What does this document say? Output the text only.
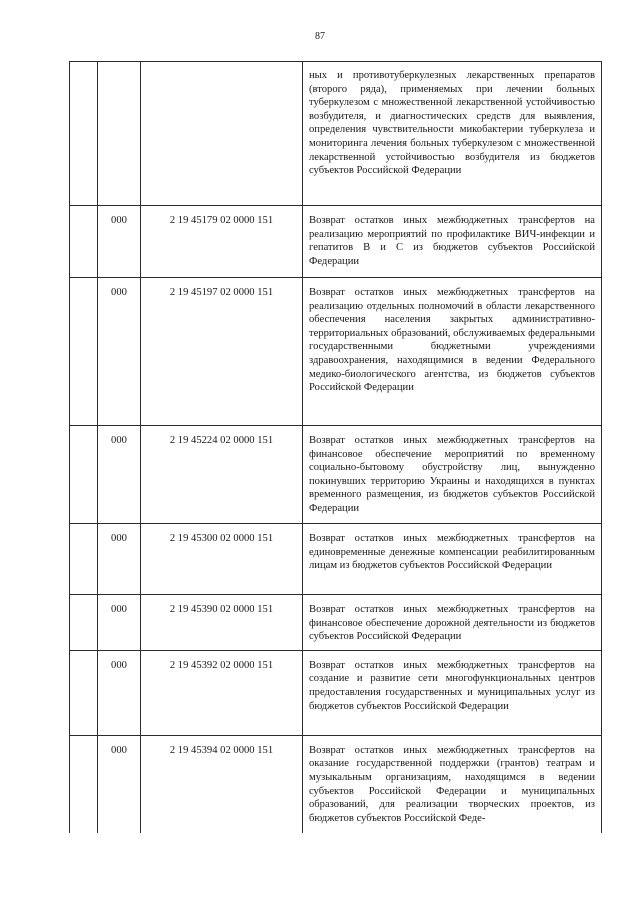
87
			ных и противотуберкулезных лекарственных препаратов (второго ряда), применяемых при лечении больных туберкулезом с множественной лекарственной устойчивостью возбудителя, и диагностических средств для выявления, определения чувствительности микобактерии туберкулеза и мониторинга лечения больных туберкулезом с множественной лекарственной устойчивостью возбудителя из бюджетов субъектов Российской Федерации
	000	2 19 45179 02 0000 151	Возврат остатков иных межбюджетных трансфертов на реализацию мероприятий по профилактике ВИЧ-инфекции и гепатитов B и C из бюджетов субъектов Российской Федерации
	000	2 19 45197 02 0000 151	Возврат остатков иных межбюджетных трансфертов на реализацию отдельных полномочий в области лекарственного обеспечения населения закрытых административно-территориальных образований, обслуживаемых федеральными государственными бюджетными учреждениями здравоохранения, находящимися в ведении Федерального медико-биологического агентства, из бюджетов субъектов Российской Федерации
	000	2 19 45224 02 0000 151	Возврат остатков иных межбюджетных трансфертов на финансовое обеспечение мероприятий по временному социально-бытовому обустройству лиц, вынужденно покинувших территорию Украины и находящихся в пунктах временного размещения, из бюджетов субъектов Российской Федерации
	000	2 19 45300 02 0000 151	Возврат остатков иных межбюджетных трансфертов на единовременные денежные компенсации реабилитированным лицам из бюджетов субъектов Российской Федерации
	000	2 19 45390 02 0000 151	Возврат остатков иных межбюджетных трансфертов на финансовое обеспечение дорожной деятельности из бюджетов субъектов Российской Федерации
	000	2 19 45392 02 0000 151	Возврат остатков иных межбюджетных трансфертов на создание и развитие сети многофункциональных центров предоставления государственных и муниципальных услуг из бюджетов субъектов Российской Федерации
	000	2 19 45394 02 0000 151	Возврат остатков иных межбюджетных трансфертов на оказание государственной поддержки (грантов) театрам и музыкальным организациям, находящимся в ведении субъектов Российской Федерации и муниципальных образований, для реализации творческих проектов, из бюджетов субъектов Российской Феде-
